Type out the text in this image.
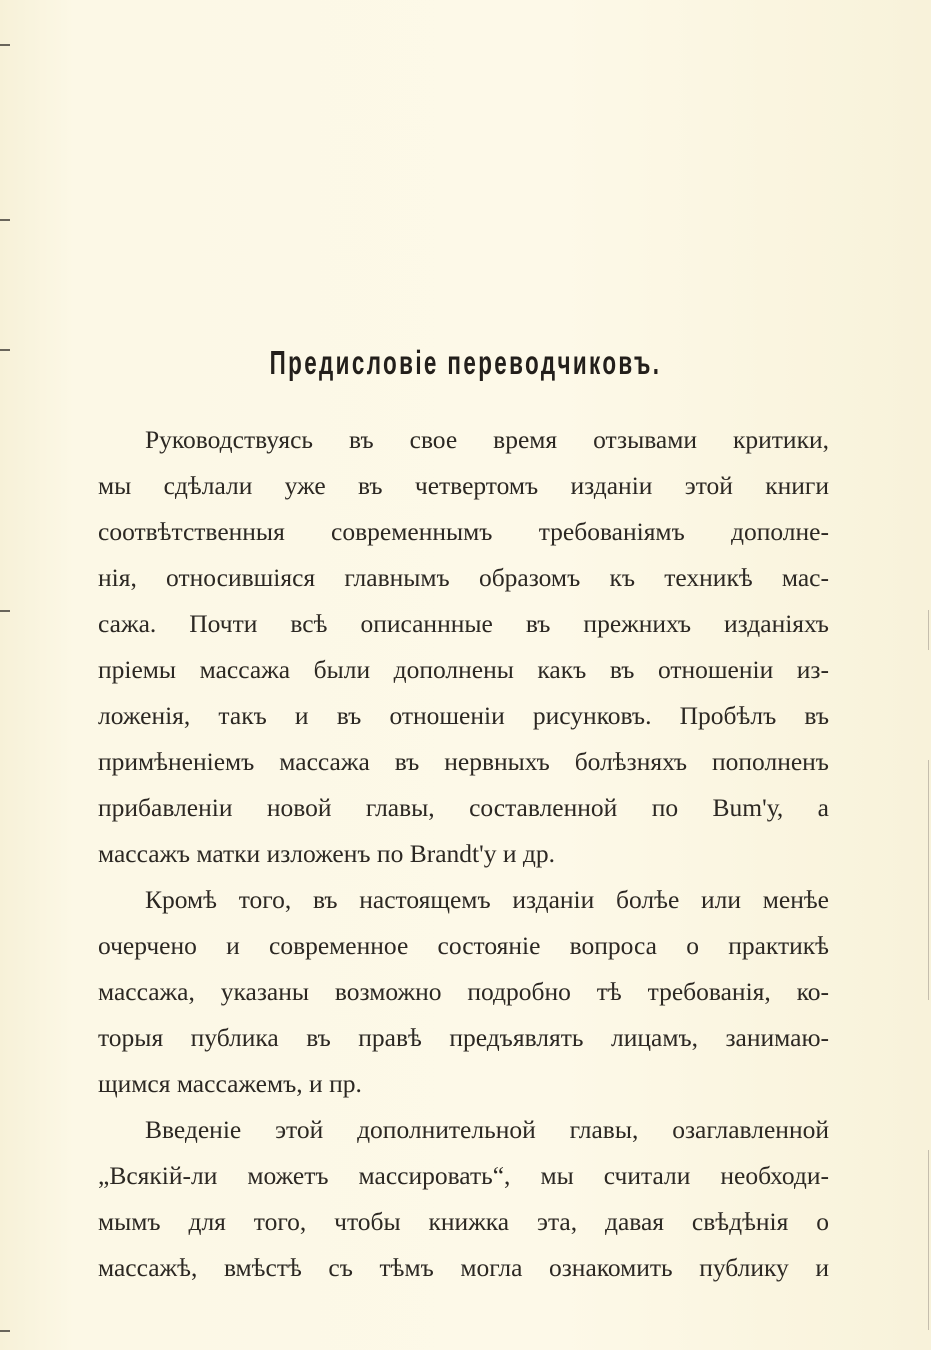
Предисловіе переводчиковъ.
Руководствуясь въ свое время отзывами критики,
мы сдѣлали уже въ четвертомъ изданіи этой книги
соотвѣтственныя современнымъ требованіямъ дополне-
нія, относившіяся главнымъ образомъ къ техникѣ мас-
сажа. Почти всѣ описаннные въ прежнихъ изданіяхъ
пріемы массажа были дополнены какъ въ отношеніи из-
ложенія, такъ и въ отношеніи рисунковъ. Пробѣлъ въ
примѣненіемъ массажа въ нервныхъ болѣзняхъ пополненъ
прибавленіи новой главы, составленной по Bum'у, а
массажъ матки изложенъ по Brandt'у и др.
Кромѣ того, въ настоящемъ изданіи болѣе или менѣе
очерчено и современное состояніе вопроса о практикѣ
массажа, указаны возможно подробно тѣ требованія, ко-
торыя публика въ правѣ предъявлять лицамъ, занимаю-
щимся массажемъ, и пр.
Введеніе этой дополнительной главы, озаглавленной
„Всякій-ли можетъ массировать“, мы считали необходи-
мымъ для того, чтобы книжка эта, давая свѣдѣнія о
массажѣ, вмѣстѣ съ тѣмъ могла ознакомить публику и
